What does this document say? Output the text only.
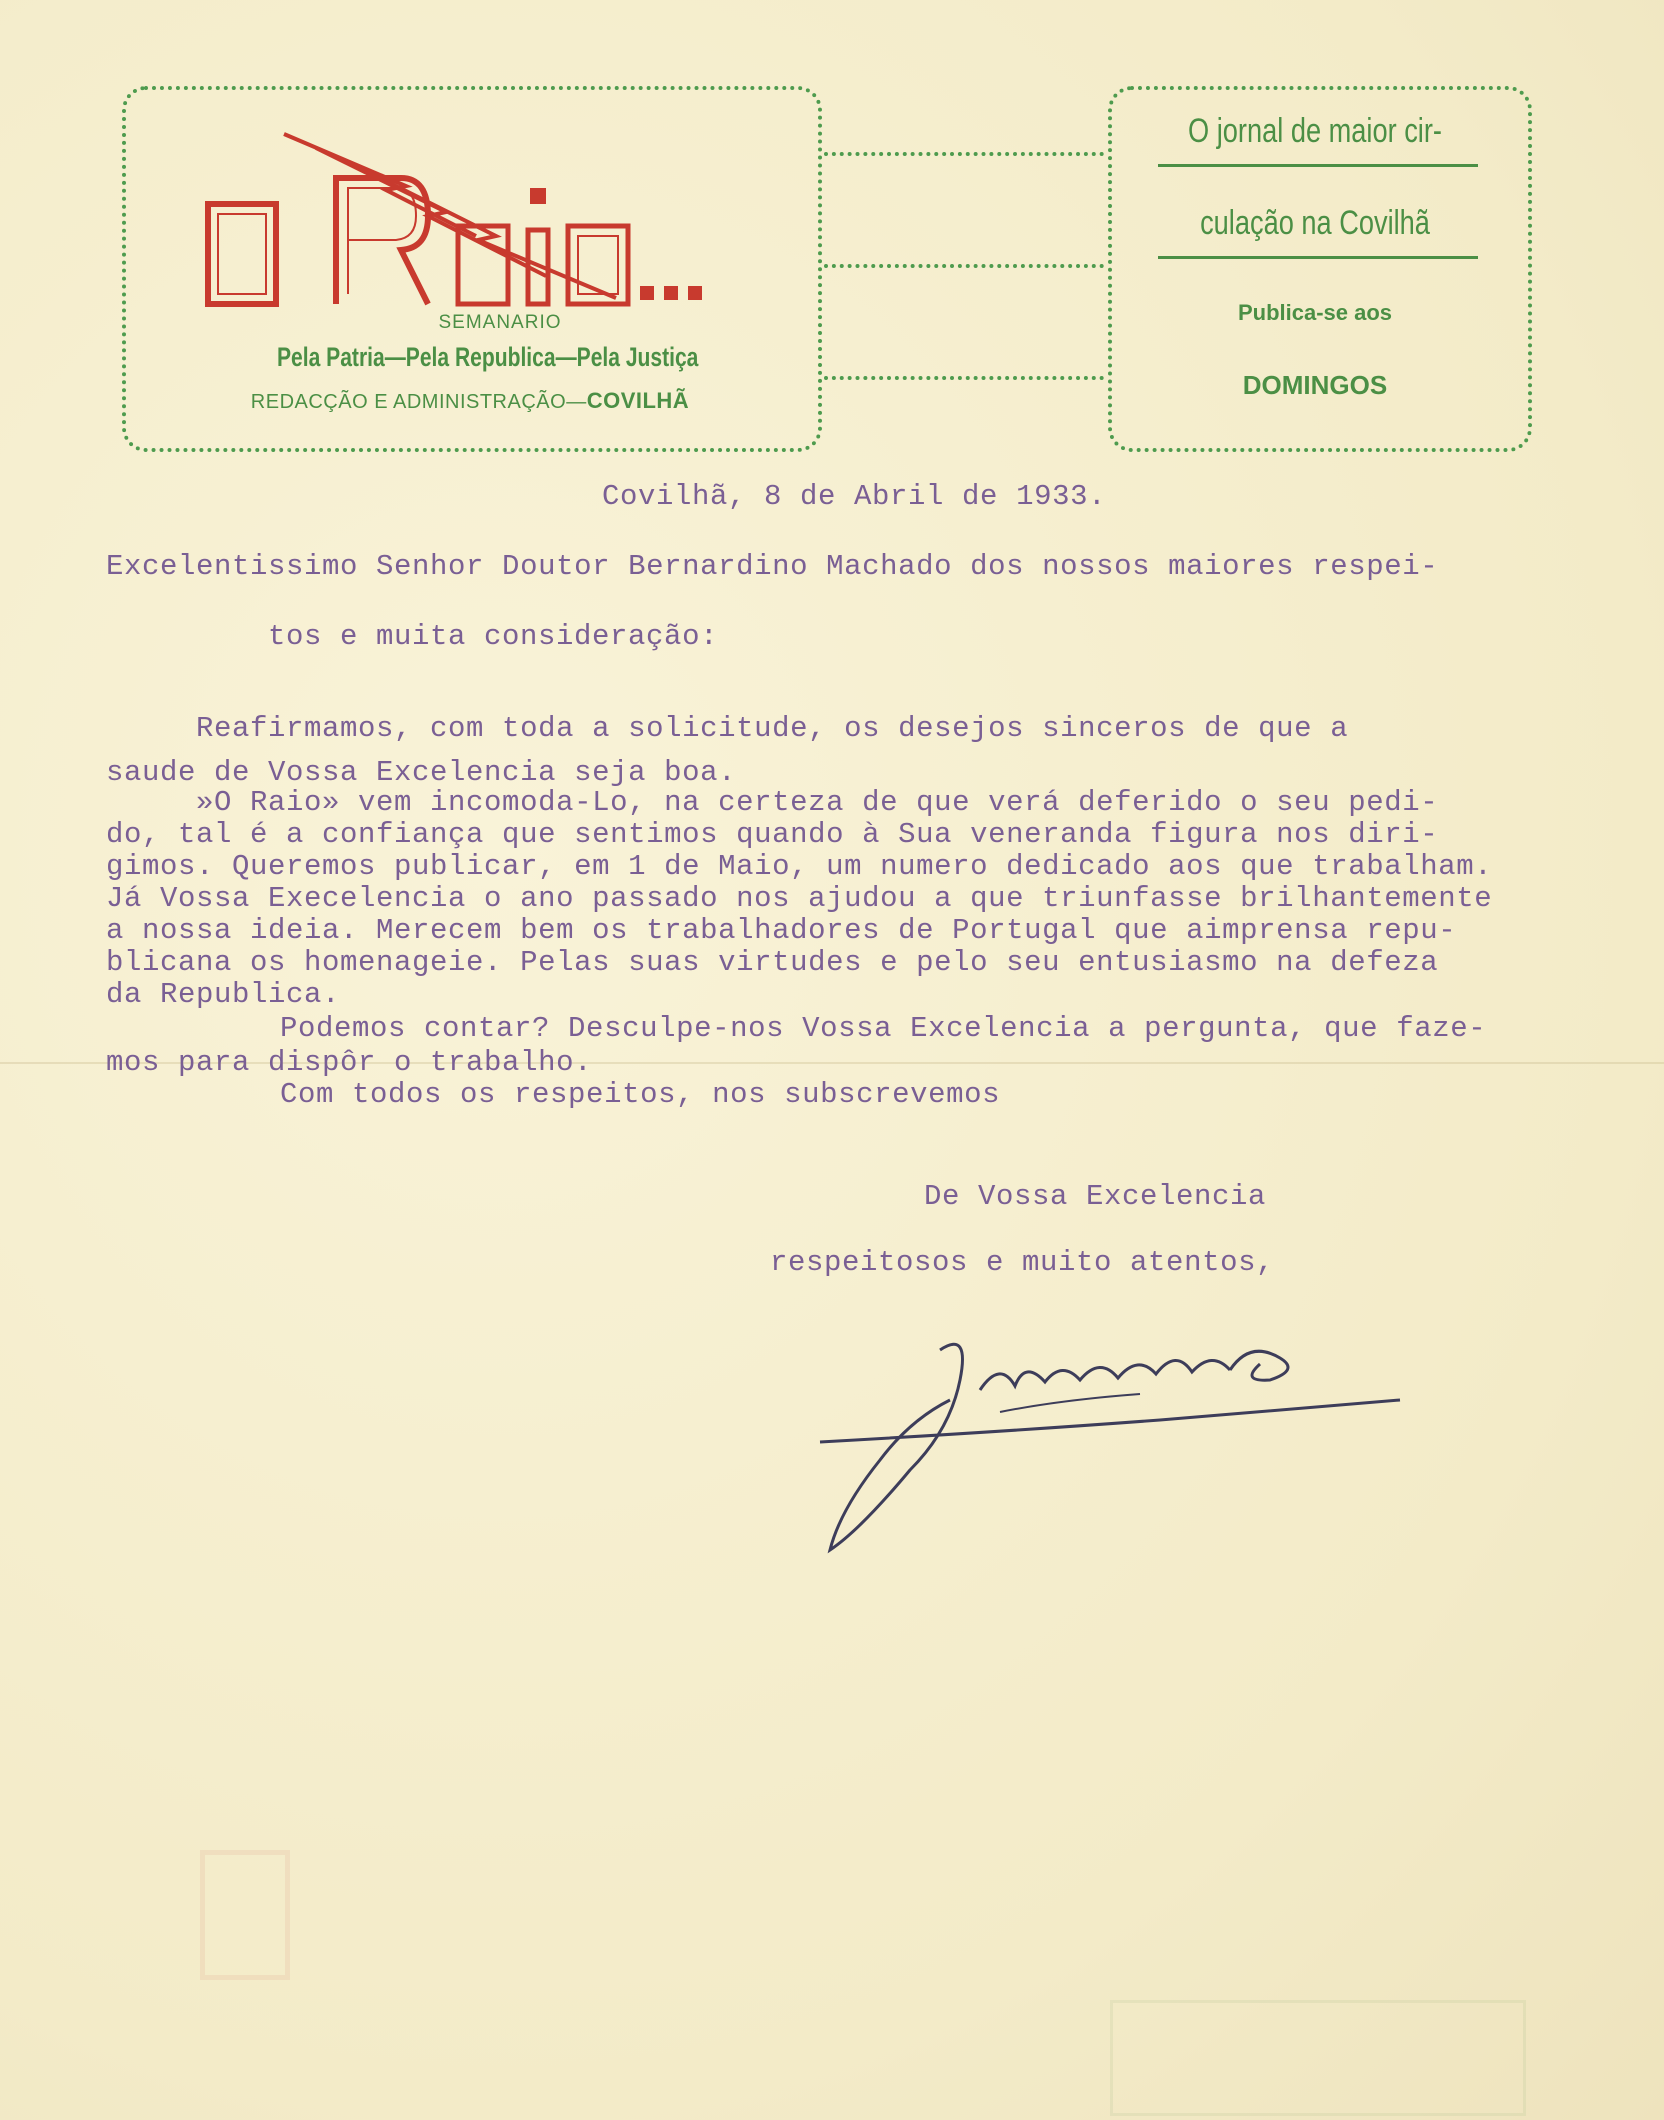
SEMANARIO
Pela Patria—Pela Republica—Pela Justiça
REDACÇÃO E ADMINISTRAÇÃO—COVILHÃ
O jornal de maior cir-
culação na Covilhã
Publica-se aos
DOMINGOS
Covilhã, 8 de Abril de 1933.
Excelentissimo Senhor Doutor Bernardino Machado dos nossos maiores respei-
tos e muita consideração:
Reafirmamos, com toda a solicitude, os desejos sinceros de que a
saude de Vossa Excelencia seja boa.
»O Raio» vem incomoda-Lo, na certeza de que verá deferido o seu pedi-
do, tal é a confiança que sentimos quando à Sua veneranda figura nos diri-
gimos. Queremos publicar, em 1 de Maio, um numero dedicado aos que trabalham.
Já Vossa Execelencia o ano passado nos ajudou a que triunfasse brilhantemente
a nossa ideia. Merecem bem os trabalhadores de Portugal que aimprensa repu-
blicana os homenageie. Pelas suas virtudes e pelo seu entusiasmo na defeza
da Republica.
Podemos contar? Desculpe-nos Vossa Excelencia a pergunta, que faze-
mos para dispôr o trabalho.
Com todos os respeitos, nos subscrevemos
De Vossa Excelencia
respeitosos e muito atentos,
